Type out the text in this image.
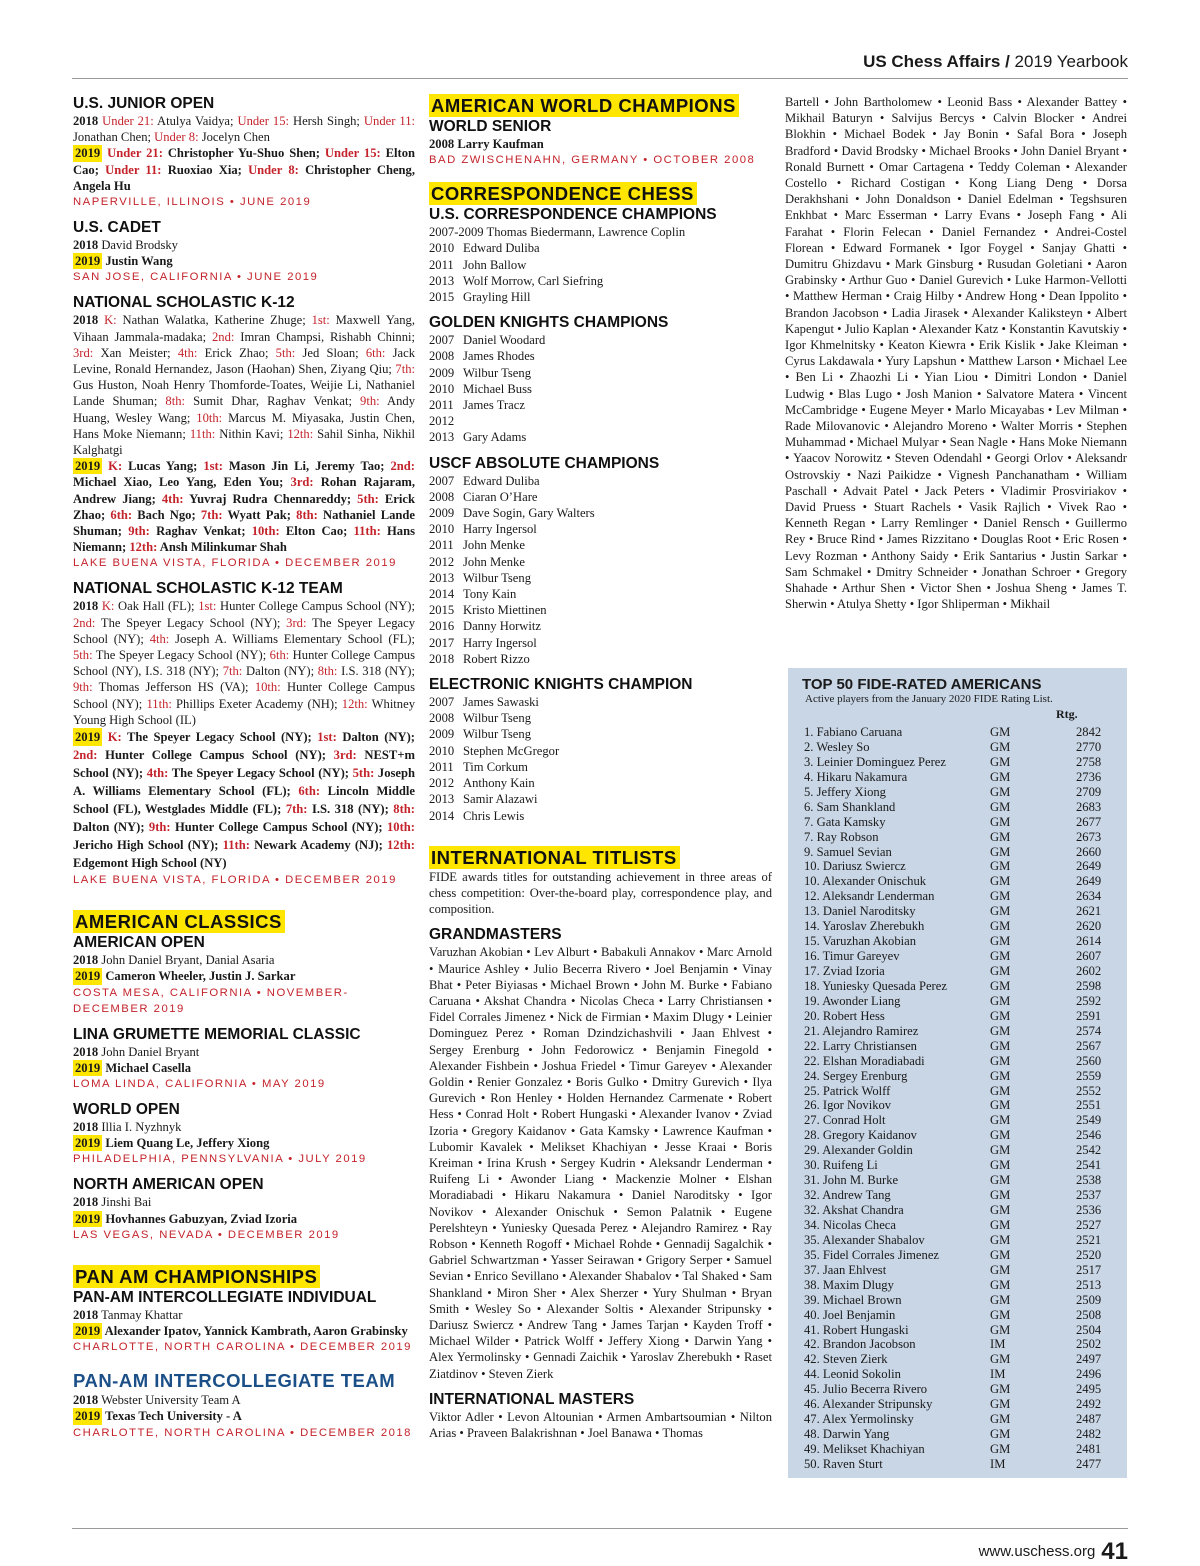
US Chess Affairs / 2019 Yearbook
U.S. JUNIOR OPEN
2018 Under 21: Atulya Vaidya; Under 15: Hersh Singh; Under 11: Jonathan Chen; Under 8: Jocelyn Chen
2019 Under 21: Christopher Yu-Shuo Shen; Under 15: Elton Cao; Under 11: Ruoxiao Xia; Under 8: Christopher Cheng, Angela Hu
NAPERVILLE, ILLINOIS • JUNE 2019
U.S. CADET
2018 David Brodsky
2019 Justin Wang
SAN JOSE, CALIFORNIA • JUNE 2019
NATIONAL SCHOLASTIC K-12
2018 K: Nathan Walatka, Katherine Zhuge; 1st: Maxwell Yang, Vihaan Jammala-madaka; 2nd: Imran Champsi, Rishabh Chinni; 3rd: Xan Meister; 4th: Erick Zhao; 5th: Jed Sloan; 6th: Jack Levine, Ronald Hernandez, Jason (Haohan) Shen, Ziyang Qiu; 7th: Gus Huston, Noah Henry Thomforde-Toates, Weijie Li, Nathaniel Lande Shuman; 8th: Sumit Dhar, Raghav Venkat; 9th: Andy Huang, Wesley Wang; 10th: Marcus M. Miyasaka, Justin Chen, Hans Moke Niemann; 11th: Nithin Kavi; 12th: Sahil Sinha, Nikhil Kalghatgi
2019 K: Lucas Yang; 1st: Mason Jin Li, Jeremy Tao; 2nd: Michael Xiao, Leo Yang, Eden You; 3rd: Rohan Rajaram, Andrew Jiang; 4th: Yuvraj Rudra Chennareddy; 5th: Erick Zhao; 6th: Bach Ngo; 7th: Wyatt Pak; 8th: Nathaniel Lande Shuman; 9th: Raghav Venkat; 10th: Elton Cao; 11th: Hans Niemann; 12th: Ansh Milinkumar Shah
LAKE BUENA VISTA, FLORIDA • DECEMBER 2019
NATIONAL SCHOLASTIC K-12 TEAM
2018 K: Oak Hall (FL); 1st: Hunter College Campus School (NY); 2nd: The Speyer Legacy School (NY); 3rd: The Speyer Legacy School (NY); 4th: Joseph A. Williams Elementary School (FL); 5th: The Speyer Legacy School (NY); 6th: Hunter College Campus School (NY), I.S. 318 (NY); 7th: Dalton (NY); 8th: I.S. 318 (NY); 9th: Thomas Jefferson HS (VA); 10th: Hunter College Campus School (NY); 11th: Phillips Exeter Academy (NH); 12th: Whitney Young High School (IL)
2019 K: The Speyer Legacy School (NY); 1st: Dalton (NY); 2nd: Hunter College Campus School (NY); 3rd: NEST+m School (NY); 4th: The Speyer Legacy School (NY); 5th: Joseph A. Williams Elementary School (FL); 6th: Lincoln Middle School (FL), Westglades Middle (FL); 7th: I.S. 318 (NY); 8th: Dalton (NY); 9th: Hunter College Campus School (NY); 10th: Jericho High School (NY); 11th: Newark Academy (NJ); 12th: Edgemont High School (NY)
LAKE BUENA VISTA, FLORIDA • DECEMBER 2019
AMERICAN CLASSICS
AMERICAN OPEN
2018 John Daniel Bryant, Danial Asaria
2019 Cameron Wheeler, Justin J. Sarkar
COSTA MESA, CALIFORNIA • NOVEMBER-DECEMBER 2019
LINA GRUMETTE MEMORIAL CLASSIC
2018 John Daniel Bryant
2019 Michael Casella
LOMA LINDA, CALIFORNIA • MAY 2019
WORLD OPEN
2018 Illia I. Nyzhnyk
2019 Liem Quang Le, Jeffery Xiong
PHILADELPHIA, PENNSYLVANIA • JULY 2019
NORTH AMERICAN OPEN
2018 Jinshi Bai
2019 Hovhannes Gabuzyan, Zviad Izoria
LAS VEGAS, NEVADA • DECEMBER 2019
PAN AM CHAMPIONSHIPS
PAN-AM INTERCOLLEGIATE INDIVIDUAL
2018 Tanmay Khattar
2019 Alexander Ipatov, Yannick Kambrath, Aaron Grabinsky
CHARLOTTE, NORTH CAROLINA • DECEMBER 2019
PAN-AM INTERCOLLEGIATE TEAM
2018 Webster University Team A
2019 Texas Tech University - A
CHARLOTTE, NORTH CAROLINA • DECEMBER 2018
AMERICAN WORLD CHAMPIONS
WORLD SENIOR
2008 Larry Kaufman
BAD ZWISCHENAHN, GERMANY • OCTOBER 2008
CORRESPONDENCE CHESS
U.S. CORRESPONDENCE CHAMPIONS
2007-2009 Thomas Biedermann, Lawrence Coplin
2010 Edward Duliba
2011 John Ballow
2013 Wolf Morrow, Carl Siefring
2015 Grayling Hill
GOLDEN KNIGHTS CHAMPIONS
2007 Daniel Woodard
2008 James Rhodes
2009 Wilbur Tseng
2010 Michael Buss
2011 James Tracz
2012
2013 Gary Adams
USCF ABSOLUTE CHAMPIONS
2007 Edward Duliba
2008 Ciaran O’Hare
2009 Dave Sogin, Gary Walters
2010 Harry Ingersol
2011 John Menke
2012 John Menke
2013 Wilbur Tseng
2014 Tony Kain
2015 Kristo Miettinen
2016 Danny Horwitz
2017 Harry Ingersol
2018 Robert Rizzo
ELECTRONIC KNIGHTS CHAMPION
2007 James Sawaski
2008 Wilbur Tseng
2009 Wilbur Tseng
2010 Stephen McGregor
2011 Tim Corkum
2012 Anthony Kain
2013 Samir Alazawi
2014 Chris Lewis
INTERNATIONAL TITLISTS
FIDE awards titles for outstanding achievement in three areas of chess competition: Over-the-board play, correspondence play, and composition.
GRANDMASTERS
Varuzhan Akobian • Lev Alburt • Babakuli Annakov • Marc Arnold • Maurice Ashley • Julio Becerra Rivero • Joel Benjamin • Vinay Bhat • Peter Biyiasas • Michael Brown • John M. Burke • Fabiano Caruana • Akshat Chandra • Nicolas Checa • Larry Christiansen • Fidel Corrales Jimenez • Nick de Firmian • Maxim Dlugy • Leinier Dominguez Perez • Roman Dzindzichashvili • Jaan Ehlvest • Sergey Erenburg • John Fedorowicz • Benjamin Finegold • Alexander Fishbein • Joshua Friedel • Timur Gareyev • Alexander Goldin • Renier Gonzalez • Boris Gulko • Dmitry Gurevich • Ilya Gurevich • Ron Henley • Holden Hernandez Carmenate • Robert Hess • Conrad Holt • Robert Hungaski • Alexander Ivanov • Zviad Izoria • Gregory Kaidanov • Gata Kamsky • Lawrence Kaufman • Lubomir Kavalek • Melikset Khachiyan • Jesse Kraai • Boris Kreiman • Irina Krush • Sergey Kudrin • Aleksandr Lenderman • Ruifeng Li • Awonder Liang • Mackenzie Molner • Elshan Moradiabadi • Hikaru Nakamura • Daniel Naroditsky • Igor Novikov • Alexander Onischuk • Semon Palatnik • Eugene Perelshteyn • Yuniesky Quesada Perez • Alejandro Ramirez • Ray Robson • Kenneth Rogoff • Michael Rohde • Gennadij Sagalchik • Gabriel Schwartzman • Yasser Seirawan • Grigory Serper • Samuel Sevian • Enrico Sevillano • Alexander Shabalov • Tal Shaked • Sam Shankland • Miron Sher • Alex Sherzer • Yury Shulman • Bryan Smith • Wesley So • Alexander Soltis • Alexander Stripunsky • Dariusz Swiercz • Andrew Tang • James Tarjan • Kayden Troff • Michael Wilder • Patrick Wolff • Jeffery Xiong • Darwin Yang • Alex Yermolinsky • Gennadi Zaichik • Yaroslav Zherebukh • Raset Ziatdinov • Steven Zierk
INTERNATIONAL MASTERS
Viktor Adler • Levon Altounian • Armen Ambartsoumian • Nilton Arias • Praveen Balakrishnan • Joel Banawa • Thomas
Bartell • John Bartholomew • Leonid Bass • Alexander Battey • Mikhail Baturyn • Salvijus Bercys • Calvin Blocker • Andrei Blokhin • Michael Bodek • Jay Bonin • Safal Bora • Joseph Bradford • David Brodsky • Michael Brooks • John Daniel Bryant • Ronald Burnett • Omar Cartagena • Teddy Coleman • Alexander Costello • Richard Costigan • Kong Liang Deng • Dorsa Derakhshani • John Donaldson • Daniel Edelman • Tegshsuren Enkhbat • Marc Esserman • Larry Evans • Joseph Fang • Ali Farahat • Florin Felecan • Daniel Fernandez • Andrei-Costel Florean • Edward Formanek • Igor Foygel • Sanjay Ghatti • Dumitru Ghizdavu • Mark Ginsburg • Rusudan Goletiani • Aaron Grabinsky • Arthur Guo • Daniel Gurevich • Luke Harmon-Vellotti • Matthew Herman • Craig Hilby • Andrew Hong • Dean Ippolito • Brandon Jacobson • Ladia Jirasek • Alexander Kaliksteyn • Albert Kapengut • Julio Kaplan • Alexander Katz • Konstantin Kavutskiy • Igor Khmelnitsky • Keaton Kiewra • Erik Kislik • Jake Kleiman • Cyrus Lakdawala • Yury Lapshun • Matthew Larson • Michael Lee • Ben Li • Zhaozhi Li • Yian Liou • Dimitri London • Daniel Ludwig • Blas Lugo • Josh Manion • Salvatore Matera • Vincent McCambridge • Eugene Meyer • Marlo Micayabas • Lev Milman • Rade Milovanovic • Alejandro Moreno • Walter Morris • Stephen Muhammad • Michael Mulyar • Sean Nagle • Hans Moke Niemann • Yaacov Norowitz • Steven Odendahl • Georgi Orlov • Aleksandr Ostrovskiy • Nazi Paikidze • Vignesh Panchanatham • William Paschall • Advait Patel • Jack Peters • Vladimir Prosviriakov • David Pruess • Stuart Rachels • Vasik Rajlich • Vivek Rao • Kenneth Regan • Larry Remlinger • Daniel Rensch • Guillermo Rey • Bruce Rind • James Rizzitano • Douglas Root • Eric Rosen • Levy Rozman • Anthony Saidy • Erik Santarius • Justin Sarkar • Sam Schmakel • Dmitry Schneider • Jonathan Schroer • Gregory Shahade • Arthur Shen • Victor Shen • Joshua Sheng • James T. Sherwin • Atulya Shetty • Igor Shliperman • Mikhail
TOP 50 FIDE-RATED AMERICANS
Active players from the January 2020 FIDE Rating List.
Rtg.
1. Fabiano Caruana	GM	2842
2. Wesley So	GM	2770
3. Leinier Dominguez Perez	GM	2758
4. Hikaru Nakamura	GM	2736
5. Jeffery Xiong	GM	2709
6. Sam Shankland	GM	2683
7. Gata Kamsky	GM	2677
7. Ray Robson	GM	2673
9. Samuel Sevian	GM	2660
10. Dariusz Swiercz	GM	2649
10. Alexander Onischuk	GM	2649
12. Aleksandr Lenderman	GM	2634
13. Daniel Naroditsky	GM	2621
14. Yaroslav Zherebukh	GM	2620
15. Varuzhan Akobian	GM	2614
16. Timur Gareyev	GM	2607
17. Zviad Izoria	GM	2602
18. Yuniesky Quesada Perez	GM	2598
19. Awonder Liang	GM	2592
20. Robert Hess	GM	2591
21. Alejandro Ramirez	GM	2574
22. Larry Christiansen	GM	2567
22. Elshan Moradiabadi	GM	2560
24. Sergey Erenburg	GM	2559
25. Patrick Wolff	GM	2552
26. Igor Novikov	GM	2551
27. Conrad Holt	GM	2549
28. Gregory Kaidanov	GM	2546
29. Alexander Goldin	GM	2542
30. Ruifeng Li	GM	2541
31. John M. Burke	GM	2538
32. Andrew Tang	GM	2537
32. Akshat Chandra	GM	2536
34. Nicolas Checa	GM	2527
35. Alexander Shabalov	GM	2521
35. Fidel Corrales Jimenez	GM	2520
37. Jaan Ehlvest	GM	2517
38. Maxim Dlugy	GM	2513
39. Michael Brown	GM	2509
40. Joel Benjamin	GM	2508
41. Robert Hungaski	GM	2504
42. Brandon Jacobson	IM	2502
42. Steven Zierk	GM	2497
44. Leonid Sokolin	IM	2496
45. Julio Becerra Rivero	GM	2495
46. Alexander Stripunsky	GM	2492
47. Alex Yermolinsky	GM	2487
48. Darwin Yang	GM	2482
49. Melikset Khachiyan	GM	2481
50. Raven Sturt	IM	2477
www.uschess.org 41
